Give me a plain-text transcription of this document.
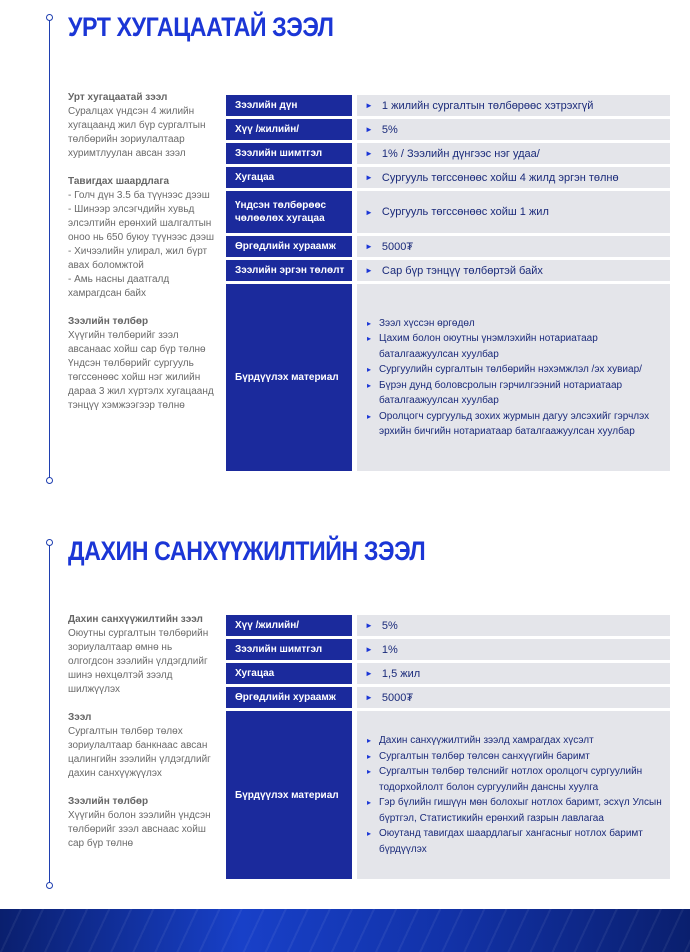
УРТ ХУГАЦААТАЙ ЗЭЭЛ
Урт хугацаатай зээл
Суралцах үндсэн 4 жилийн хугацаанд жил бүр сургалтын төлбөрийн зориулалтаар хуримтлуулан авсан зээл
Тавигдах шаардлага
- Голч дүн 3.5 ба түүнээс дээш
- Шинээр элсэгчдийн хувьд элсэлтийн ерөнхий шалгалтын оноо нь 650 буюу түүнээс дээш
- Хичээлийн улирал, жил бүрт авах боломжтой
- Амь насны даатгалд хамрагдсан байх
Зээлийн төлбөр
Хүүгийн төлбөрийг зээл авсанаас хойш сар бүр төлнө Үндсэн төлбөрийг сургууль төгссөнөөс хойш нэг жилийн дараа 3 жил хүртэлх хугацаанд тэнцүү хэмжээгээр төлнө
Зээлийн дүн	► 1 жилийн сургалтын төлбөрөөс хэтрэхгүй
Хүү /жилийн/	► 5%
Зээлийн шимтгэл	► 1% / Зээлийн дүнгээс нэг удаа/
Хугацаа	► Сургууль төгссөнөөс хойш 4 жилд эргэн төлнө
Үндсэн төлбөрөөс чөлөөлөх хугацаа
► Сургууль төгссөнөөс хойш 1 жил
Өргөдлийн хураамж	► 5000₮
Зээлийн эргэн төлөлт	► Сар бүр тэнцүү төлбөртэй байх
Бүрдүүлэх материал
▸ Зээл хүссэн өргөдөл
▸ Цахим болон оюутны үнэмлэхийн нотариатаар баталгаажуулсан хуулбар
▸ Сургуулийн сургалтын төлбөрийн нэхэмжлэл /эх хувиар/
▸ Бүрэн дунд боловсролын гэрчилгээний нотариатаар баталгаажуулсан хуулбар
▸ Оролцогч сургуульд зохих журмын дагуу элсэхийг гэрчлэх эрхийн бичгийн нотариатаар баталгаажуулсан хуулбар
ДАХИН САНХҮҮЖИЛТИЙН ЗЭЭЛ
Дахин санхүүжилтийн зээл
Оюутны сургалтын төлбөрийн зориулалтаар өмнө нь олгогдсон зээлийн үлдэгдлийг шинэ нөхцөлтэй зээлд шилжүүлэх
Зээл
Сургалтын төлбөр төлөх зориулалтаар банкнаас авсан цалингийн зээлийн үлдэгдлийг дахин санхүүжүүлэх
Зээлийн төлбөр
Хүүгийн болон зээлийн үндсэн төлбөрийг зээл авснаас хойш сар бүр төлнө
Хүү /жилийн/	► 5%
Зээлийн шимтгэл	► 1%
Хугацаа	► 1,5 жил
Өргөдлийн хураамж	► 5000₮
Бүрдүүлэх материал
▸ Дахин санхүүжилтийн зээлд хамрагдах хүсэлт
▸ Сургалтын төлбөр төлсөн санхүүгийн баримт
▸ Сургалтын төлбөр төлснийг нотлох оролцогч сургуулийн тодорхойлолт болон сургуулийн дансны хуулга
▸ Гэр бүлийн гишүүн мөн болохыг нотлох баримт, эсхүл Улсын бүртгэл, Статистикийн ерөнхий газрын лавлагаа
▸ Оюутанд тавигдах шаардлагыг хангасныг нотлох баримт бүрдүүлэх
